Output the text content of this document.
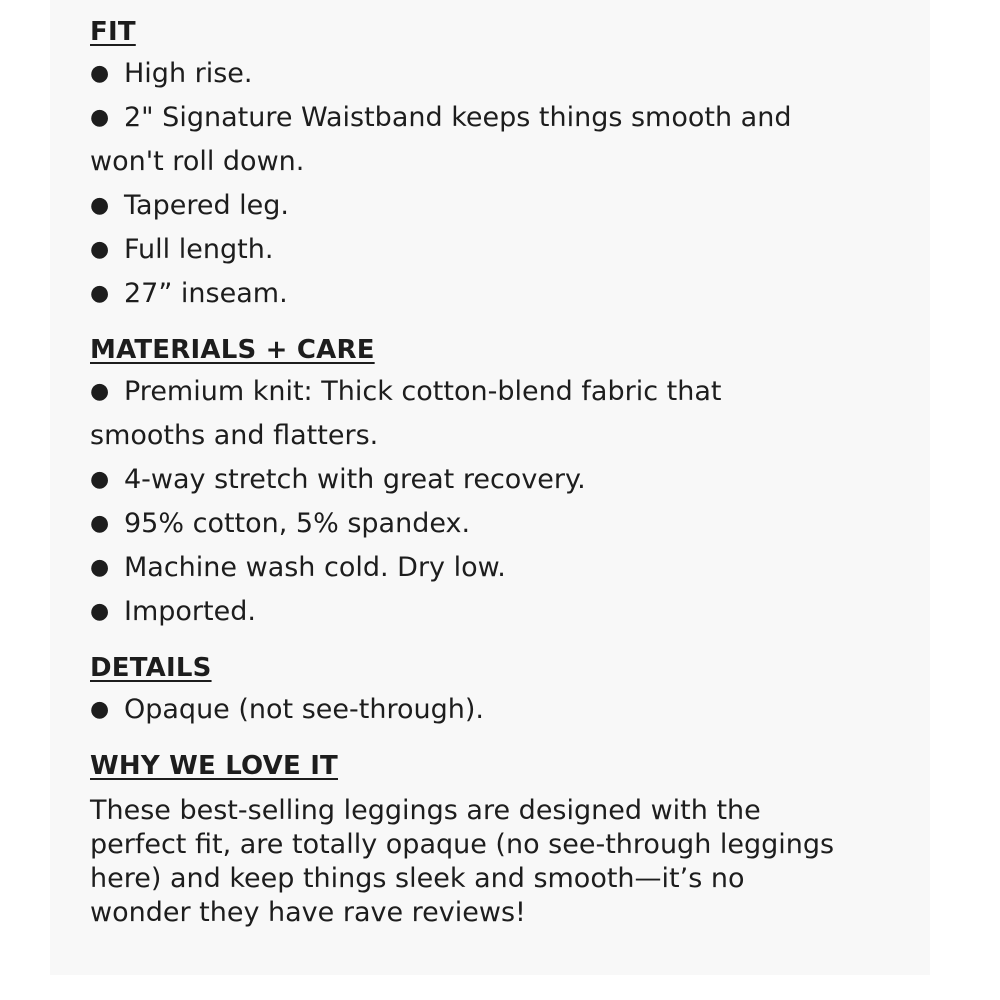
FIT
● High rise.
● 2" Signature Waistband keeps things smooth and
won't roll down.
● Tapered leg.
● Full length.
● 27” inseam.
MATERIALS + CARE
● Premium knit: Thick cotton-blend fabric that
smooths and flatters.
● 4-way stretch with great recovery.
● 95% cotton, 5% spandex.
● Machine wash cold. Dry low.
● Imported.
DETAILS
● Opaque (not see-through).
WHY WE LOVE IT

These best-selling leggings are designed with the perfect fit, are totally opaque (no see-through leggings here) and keep things sleek and smooth—it’s no wonder they have rave reviews!
